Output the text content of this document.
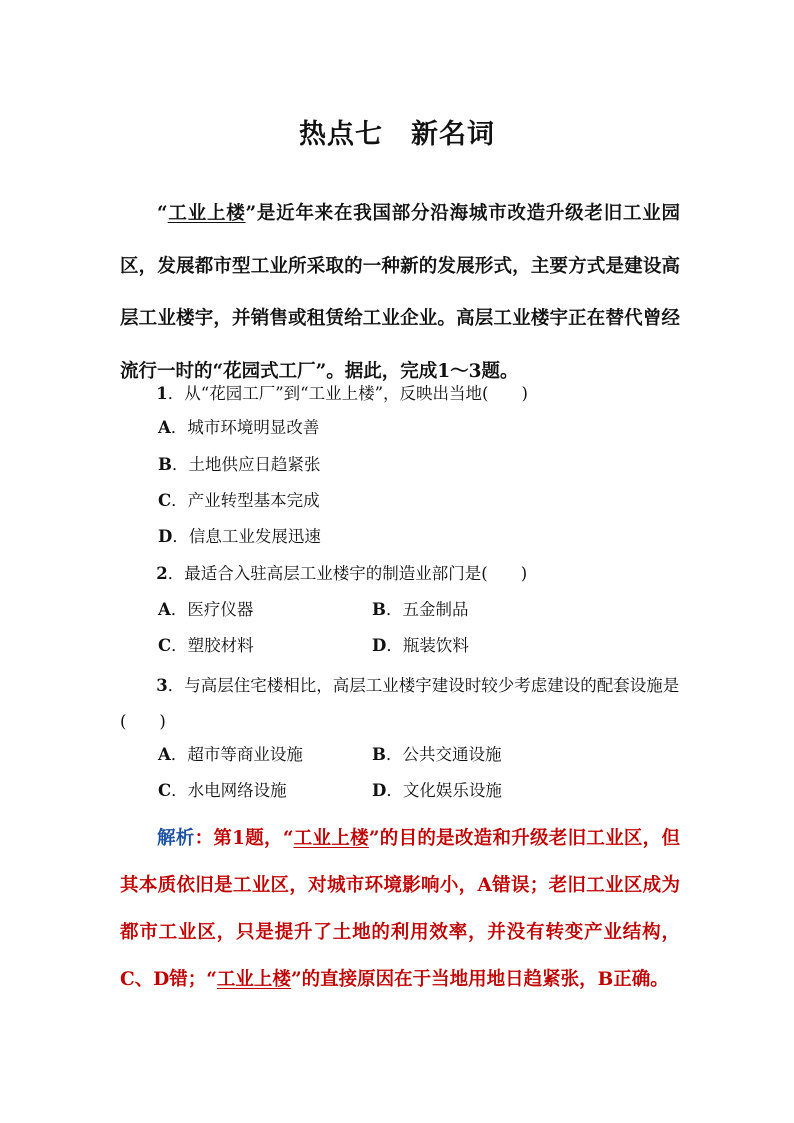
热点七　新名词
“工业上楼”是近年来在我国部分沿海城市改造升级老旧工业园区，发展都市型工业所采取的一种新的发展形式，主要方式是建设高层工业楼宇，并销售或租赁给工业企业。高层工业楼宇正在替代曾经流行一时的“花园式工厂”。据此，完成1～3题。
1．从“花园工厂”到“工业上楼”，反映出当地(　　)
A．城市环境明显改善
B．土地供应日趋紧张
C．产业转型基本完成
D．信息工业发展迅速
2．最适合入驻高层工业楼宇的制造业部门是(　　)
A．医疗仪器	B．五金制品
C．塑胶材料	D．瓶装饮料
3．与高层住宅楼相比，高层工业楼宇建设时较少考虑建设的配套设施是(　　)
A．超市等商业设施	B．公共交通设施
C．水电网络设施	D．文化娱乐设施
解析：第1题，“工业上楼”的目的是改造和升级老旧工业区，但其本质依旧是工业区，对城市环境影响小，A错误；老旧工业区成为都市工业区，只是提升了土地的利用效率，并没有转变产业结构，C、D错；“工业上楼”的直接原因在于当地用地日趋紧张，B正确。
